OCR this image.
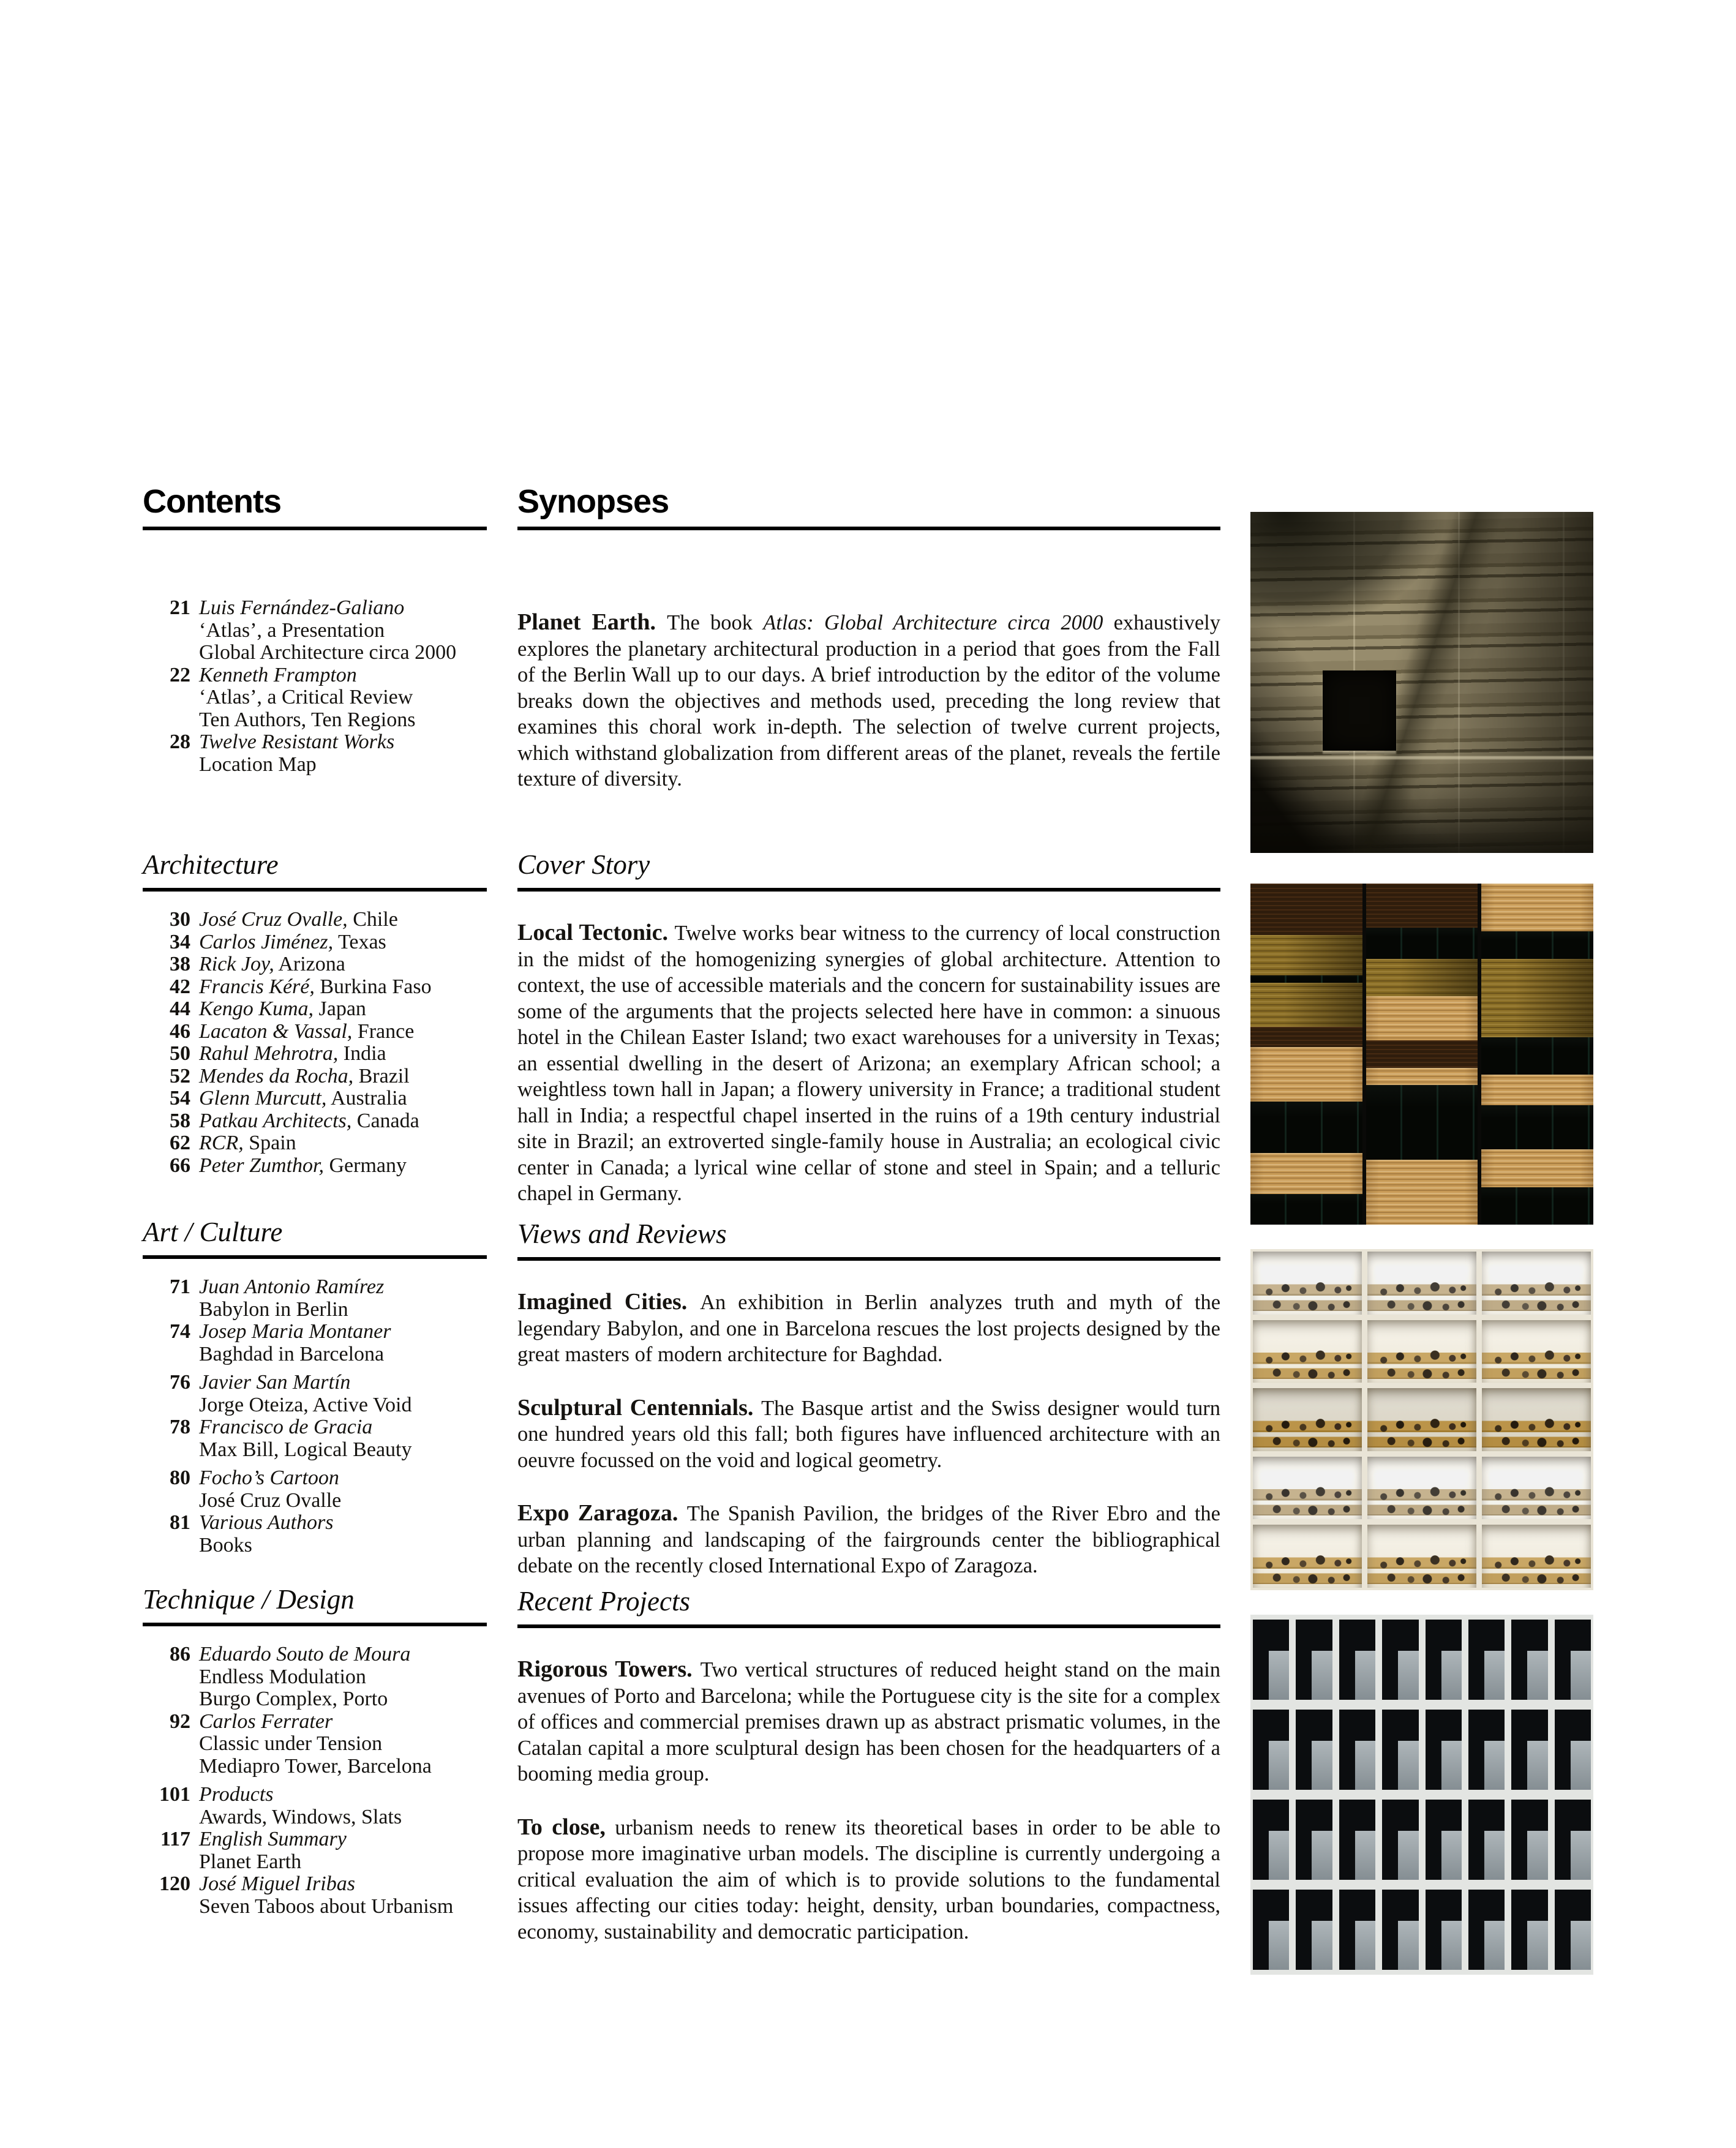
Contents	Synopses
21 Luis Fernández-Galiano
‘Atlas’, a Presentation
Global Architecture circa 2000
22 Kenneth Frampton
‘Atlas’, a Critical Review
Ten Authors, Ten Regions
28 Twelve Resistant Works
Location Map
Architecture
30 José Cruz Ovalle, Chile
34 Carlos Jiménez, Texas
38 Rick Joy, Arizona
42 Francis Kéré, Burkina Faso
44 Kengo Kuma, Japan
46 Lacaton & Vassal, France
50 Rahul Mehrotra, India
52 Mendes da Rocha, Brazil
54 Glenn Murcutt, Australia
58 Patkau Architects, Canada
62 RCR, Spain
66 Peter Zumthor, Germany
Art / Culture
71 Juan Antonio Ramírez
Babylon in Berlin
74 Josep Maria Montaner
Baghdad in Barcelona
76 Javier San Martín
Jorge Oteiza, Active Void
78 Francisco de Gracia
Max Bill, Logical Beauty
80 Focho’s Cartoon
José Cruz Ovalle
81 Various Authors
Books
Technique / Design
86 Eduardo Souto de Moura
Endless Modulation
Burgo Complex, Porto
92 Carlos Ferrater
Classic under Tension
Mediapro Tower, Barcelona
101 Products
Awards, Windows, Slats
117 English Summary
Planet Earth
120 José Miguel Iribas
Seven Taboos about Urbanism

Planet Earth. The book Atlas: Global Architecture circa 2000 exhaustively explores the planetary architectural production in a period that goes from the Fall of the Berlin Wall up to our days. A brief introduction by the editor of the volume breaks down the objectives and methods used, preceding the long review that examines this choral work in-depth. The selection of twelve current projects, which withstand globalization from different areas of the planet, reveals the fertile texture of diversity.

Cover Story

Local Tectonic. Twelve works bear witness to the currency of local construction in the midst of the homogenizing synergies of global architecture. Attention to context, the use of accessible materials and the concern for sustainability issues are some of the arguments that the projects selected here have in common: a sinuous hotel in the Chilean Easter Island; two exact warehouses for a university in Texas; an essential dwelling in the desert of Arizona; an exemplary African school; a weightless town hall in Japan; a flowery university in France; a traditional student hall in India; a respectful chapel inserted in the ruins of a 19th century industrial site in Brazil; an extroverted single-family house in Australia; an ecological civic center in Canada; a lyrical wine cellar of stone and steel in Spain; and a telluric chapel in Germany.

Views and Reviews

Imagined Cities. An exhibition in Berlin analyzes truth and myth of the legendary Babylon, and one in Barcelona rescues the lost projects designed by the great masters of modern architecture for Baghdad.

Sculptural Centennials. The Basque artist and the Swiss designer would turn one hundred years old this fall; both figures have influenced architecture with an oeuvre focussed on the void and logical geometry.

Expo Zaragoza. The Spanish Pavilion, the bridges of the River Ebro and the urban planning and landscaping of the fairgrounds center the bibliographical debate on the recently closed International Expo of Zaragoza.

Recent Projects

Rigorous Towers. Two vertical structures of reduced height stand on the main avenues of Porto and Barcelona; while the Portuguese city is the site for a complex of offices and commercial premises drawn up as abstract prismatic volumes, in the Catalan capital a more sculptural design has been chosen for the headquarters of a booming media group.

To close, urbanism needs to renew its theoretical bases in order to be able to propose more imaginative urban models. The discipline is currently undergoing a critical evaluation the aim of which is to provide solutions to the fundamental issues affecting our cities today: height, density, urban boundaries, compactness, economy, sustainability and democratic participation.
